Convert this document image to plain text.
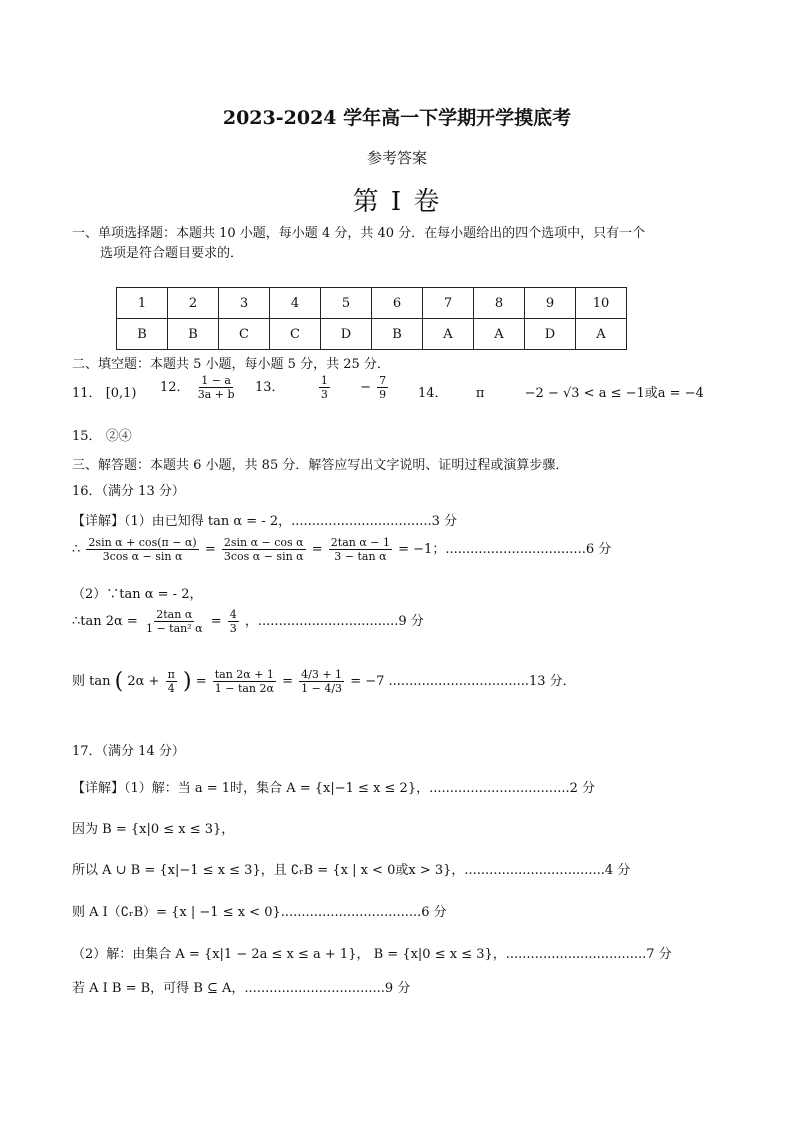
2023-2024 学年高一下学期开学摸底考
参考答案
第 I 卷
一、单项选择题：本题共 10 小题，每小题 4 分，共 40 分．在每小题给出的四个选项中，只有一个
选项是符合题目要求的．
1	2	3	4	5	6	7	8	9	10
B	B	C	C	D	B	A	A	D	A
二、填空题：本题共 5 小题，每小题 5 分，共 25 分．
11． [0,1) 12． $\frac{1 - a}{3a + b} 13$．	$\frac{1}{3} - \frac{7}{9} 14$． π	−2 − √3 < a ≤ −1或a = −4
15． ②④
三、解答题：本题共 6 小题，共 85 分．解答应写出文字说明、证明过程或演算步骤．
16．（满分 13 分）
【详解】（1）由已知得 tan α = - 2，..................................3 分
∴ $\frac{\text{2sin α + cos(π − α)}}{\text{3cos α − sin α}} = \frac{\text{2sin α − cos α}}{\text{3cos α − sin α}} = \frac{\text{2tan α − 1}}{\text{3 − tan α}} = -1$；..................................6 分
（2）∵tan α = - 2，
∴tan $2\alpha = \frac{\text{2tan α}}{\text{1 − tan² α}} = \frac{4}{3}$ ，..................................9 分
则 tan ( $2\alpha + \frac{\pi}{4}$ ) = $\frac{\tan 2\alpha + 1}{1 - \tan 2\alpha} = \frac{4/3 + 1}{1 - 4/3} = -7$ ..................................13 分．
17．（满分 14 分）
【详解】（1）解：当 a = 1时，集合 A = {x|−1 ≤ x ≤ 2}，..................................2 分
因为 B = {x|0 ≤ x ≤ 3}，
所以 A ∪ B = {x|−1 ≤ x ≤ 3}，且 ∁ᵣB = {x | x < 0或x > 3}，..................................4 分
则 A I（∁ᵣB）= {x | −1 ≤ x < 0}..................................6 分
（2）解：由集合 A = {x|1 − 2a ≤ x ≤ a + 1}， B = {x|0 ≤ x ≤ 3}，..................................7 分
若 A I B = B，可得 B ⊆ A，..................................9 分
